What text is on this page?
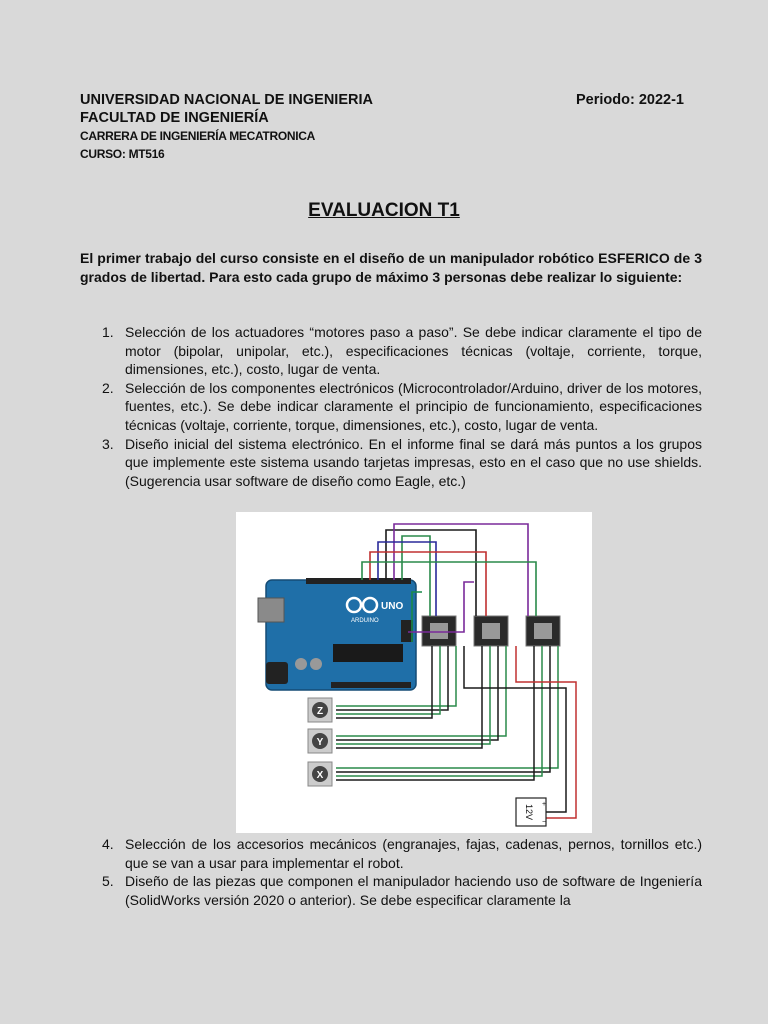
UNIVERSIDAD NACIONAL DE INGENIERIA	Periodo: 2022-1
FACULTAD DE INGENIERÍA
CARRERA DE INGENIERÍA MECATRONICA
CURSO: MT516
EVALUACION T1
El primer trabajo del curso consiste en el diseño de un manipulador robótico ESFERICO de 3 grados de libertad. Para esto cada grupo de máximo 3 personas debe realizar lo siguiente:
1. Selección de los actuadores “motores paso a paso”. Se debe indicar claramente el tipo de motor (bipolar, unipolar, etc.), especificaciones técnicas (voltaje, corriente, torque, dimensiones, etc.), costo, lugar de venta.
2. Selección de los componentes electrónicos (Microcontrolador/Arduino, driver de los motores, fuentes, etc.). Se debe indicar claramente el principio de funcionamiento, especificaciones técnicas (voltaje, corriente, torque, dimensiones, etc.), costo, lugar de venta.
3. Diseño inicial del sistema electrónico. En el informe final se dará más puntos a los grupos que implemente este sistema usando tarjetas impresas, esto en el caso que no use shields. (Sugerencia usar software de diseño como Eagle, etc.)
UNO
ARDUINO
Z
Y
X
12V +
−
4. Selección de los accesorios mecánicos (engranajes, fajas, cadenas, pernos, tornillos etc.) que se van a usar para implementar el robot.
5. Diseño de las piezas que componen el manipulador haciendo uso de software de Ingeniería (SolidWorks versión 2020 o anterior). Se debe especificar claramente la
